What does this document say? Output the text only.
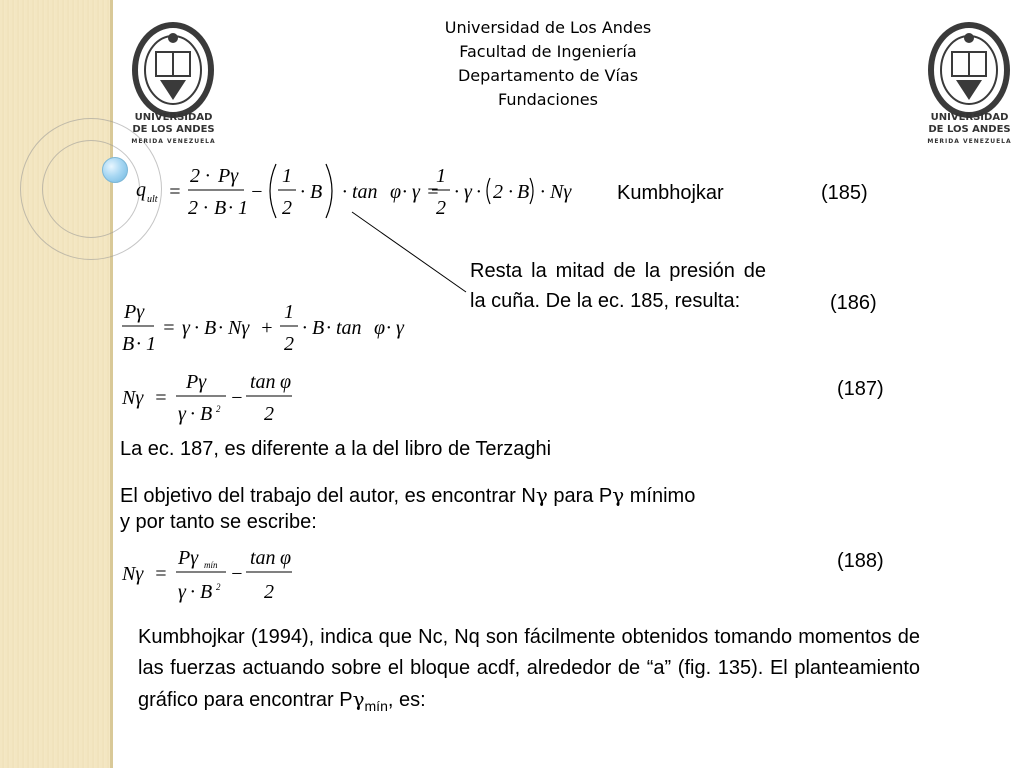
UNIVERSIDAD
DE LOS ANDES
MERIDA VENEZUELA
UNIVERSIDAD
DE LOS ANDES
MERIDA VENEZUELA
Universidad de Los Andes
Facultad de Ingeniería
Departamento de Vías
Fundaciones
q ult =
2 · Pγ
2 · B · 1
−
1
2
· B · tan φ · γ =
1
2
· γ · 2 · B · Nγ Kumbhojkar	(185)
Resta la mitad de la presión de la cuña. De la ec. 185, resulta:
Pγ
B · 1
= γ · B · Nγ +
1
2
· B · tan φ · γ
(186)
Nγ =
Pγ
γ · B 2 −
tan φ
2
(187)
La ec. 187, es diferente a la del libro de Terzaghi
El objetivo del trabajo del autor, es encontrar Nγ para Pγ mínimo
y por tanto se escribe:
Nγ =
Pγ mín
γ · B 2
−
tan φ
2
(188)
Kumbhojkar (1994), indica que Nc, Nq son fácilmente obtenidos tomando momentos de las fuerzas actuando sobre el bloque acdf, alrededor de “a” (fig. 135). El planteamiento gráfico para encontrar $P\gamma_{mín}$, es:
